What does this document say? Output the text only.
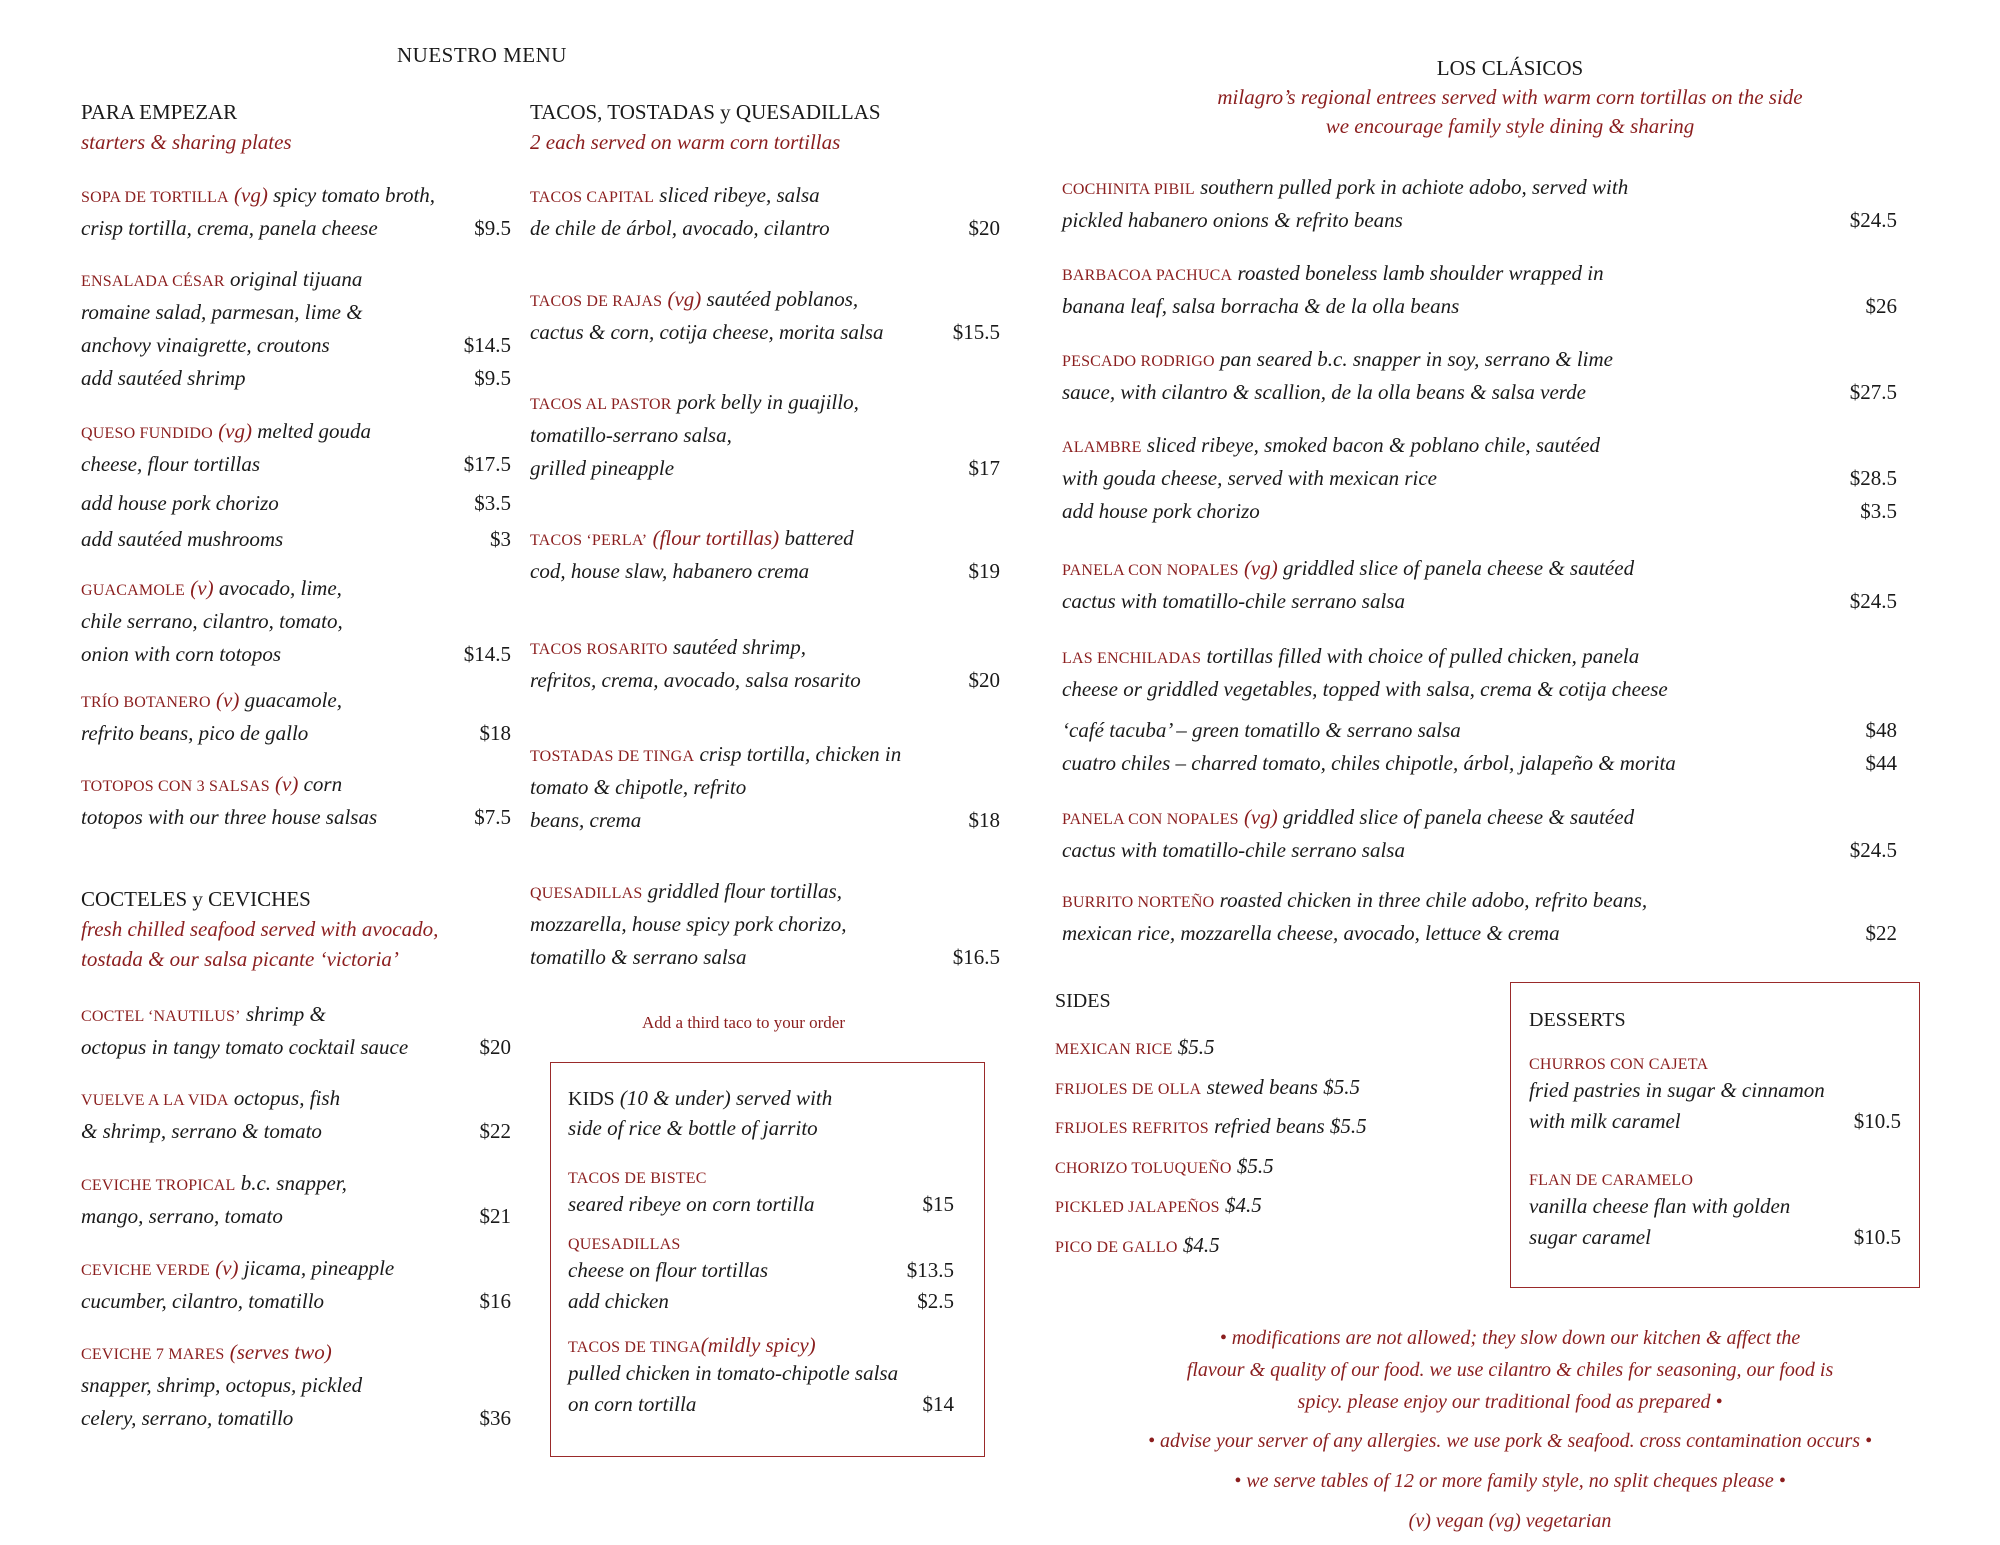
NUESTRO MENU
PARA EMPEZAR
starters & sharing plates
SOPA DE TORTILLA (vg) spicy tomato broth,
crisp tortilla, crema, panela cheese	$9.5
ENSALADA CÉSAR original tijuana
romaine salad, parmesan, lime &
anchovy vinaigrette, croutons	$14.5
add sautéed shrimp	$9.5
QUESO FUNDIDO (vg) melted gouda
cheese, flour tortillas	$17.5
add house pork chorizo	$3.5
add sautéed mushrooms	$3
GUACAMOLE (v) avocado, lime,
chile serrano, cilantro, tomato,
onion with corn totopos	$14.5
TRÍO BOTANERO (v) guacamole,
refrito beans, pico de gallo	$18
TOTOPOS CON 3 SALSAS (v) corn
totopos with our three house salsas	$7.5
COCTELES y CEVICHES
fresh chilled seafood served with avocado,
tostada & our salsa picante ‘victoria’
COCTEL ‘NAUTILUS’ shrimp &
octopus in tangy tomato cocktail sauce	$20
VUELVE A LA VIDA octopus, fish
& shrimp, serrano & tomato	$22
CEVICHE TROPICAL b.c. snapper,
mango, serrano, tomato	$21
CEVICHE VERDE (v) jicama, pineapple
cucumber, cilantro, tomatillo	$16
CEVICHE 7 MARES (serves two)
snapper, shrimp, octopus, pickled
celery, serrano, tomatillo	$36
TACOS, TOSTADAS y QUESADILLAS
2 each served on warm corn tortillas
TACOS CAPITAL sliced ribeye, salsa
de chile de árbol, avocado, cilantro	$20
TACOS DE RAJAS (vg) sautéed poblanos,
cactus & corn, cotija cheese, morita salsa	$15.5
TACOS AL PASTOR pork belly in guajillo,
tomatillo-serrano salsa,
grilled pineapple	$17
TACOS ‘PERLA’ (flour tortillas) battered
cod, house slaw, habanero crema	$19
TACOS ROSARITO sautéed shrimp,
refritos, crema, avocado, salsa rosarito	$20
TOSTADAS DE TINGA crisp tortilla, chicken in
tomato & chipotle, refrito
beans, crema	$18
QUESADILLAS griddled flour tortillas,
mozzarella, house spicy pork chorizo,
tomatillo & serrano salsa	$16.5
Add a third taco to your order
KIDS (10 & under) served with
side of rice & bottle of jarrito
TACOS DE BISTEC
seared ribeye on corn tortilla	$15
QUESADILLAS
cheese on flour tortillas	$13.5
add chicken	$2.5
TACOS DE TINGA(mildly spicy)
pulled chicken in tomato-chipotle salsa
on corn tortilla	$14
LOS CLÁSICOS
milagro’s regional entrees served with warm corn tortillas on the side
we encourage family style dining & sharing
COCHINITA PIBIL southern pulled pork in achiote adobo, served with
pickled habanero onions & refrito beans	$24.5
BARBACOA PACHUCA roasted boneless lamb shoulder wrapped in
banana leaf, salsa borracha & de la olla beans	$26
PESCADO RODRIGO pan seared b.c. snapper in soy, serrano & lime
sauce, with cilantro & scallion, de la olla beans & salsa verde	$27.5
ALAMBRE sliced ribeye, smoked bacon & poblano chile, sautéed
with gouda cheese, served with mexican rice	$28.5
add house pork chorizo	$3.5
PANELA CON NOPALES (vg) griddled slice of panela cheese & sautéed
cactus with tomatillo-chile serrano salsa	$24.5
LAS ENCHILADAS tortillas filled with choice of pulled chicken, panela
cheese or griddled vegetables, topped with salsa, crema & cotija cheese
‘café tacuba’ – green tomatillo & serrano salsa	$48
cuatro chiles – charred tomato, chiles chipotle, árbol, jalapeño & morita	$44
PANELA CON NOPALES (vg) griddled slice of panela cheese & sautéed
cactus with tomatillo-chile serrano salsa	$24.5
BURRITO NORTEÑO roasted chicken in three chile adobo, refrito beans,
mexican rice, mozzarella cheese, avocado, lettuce & crema	$22
SIDES
MEXICAN RICE $5.5
FRIJOLES DE OLLA stewed beans $5.5
FRIJOLES REFRITOS refried beans $5.5
CHORIZO TOLUQUEÑO $5.5
PICKLED JALAPEÑOS $4.5
PICO DE GALLO $4.5
DESSERTS
CHURROS CON CAJETA
fried pastries in sugar & cinnamon
with milk caramel	$10.5
FLAN DE CARAMELO
vanilla cheese flan with golden
sugar caramel	$10.5
• modifications are not allowed; they slow down our kitchen & affect the
flavour & quality of our food. we use cilantro & chiles for seasoning, our food is
spicy. please enjoy our traditional food as prepared •
• advise your server of any allergies. we use pork & seafood. cross contamination occurs •
• we serve tables of 12 or more family style, no split cheques please •
(v) vegan (vg) vegetarian
